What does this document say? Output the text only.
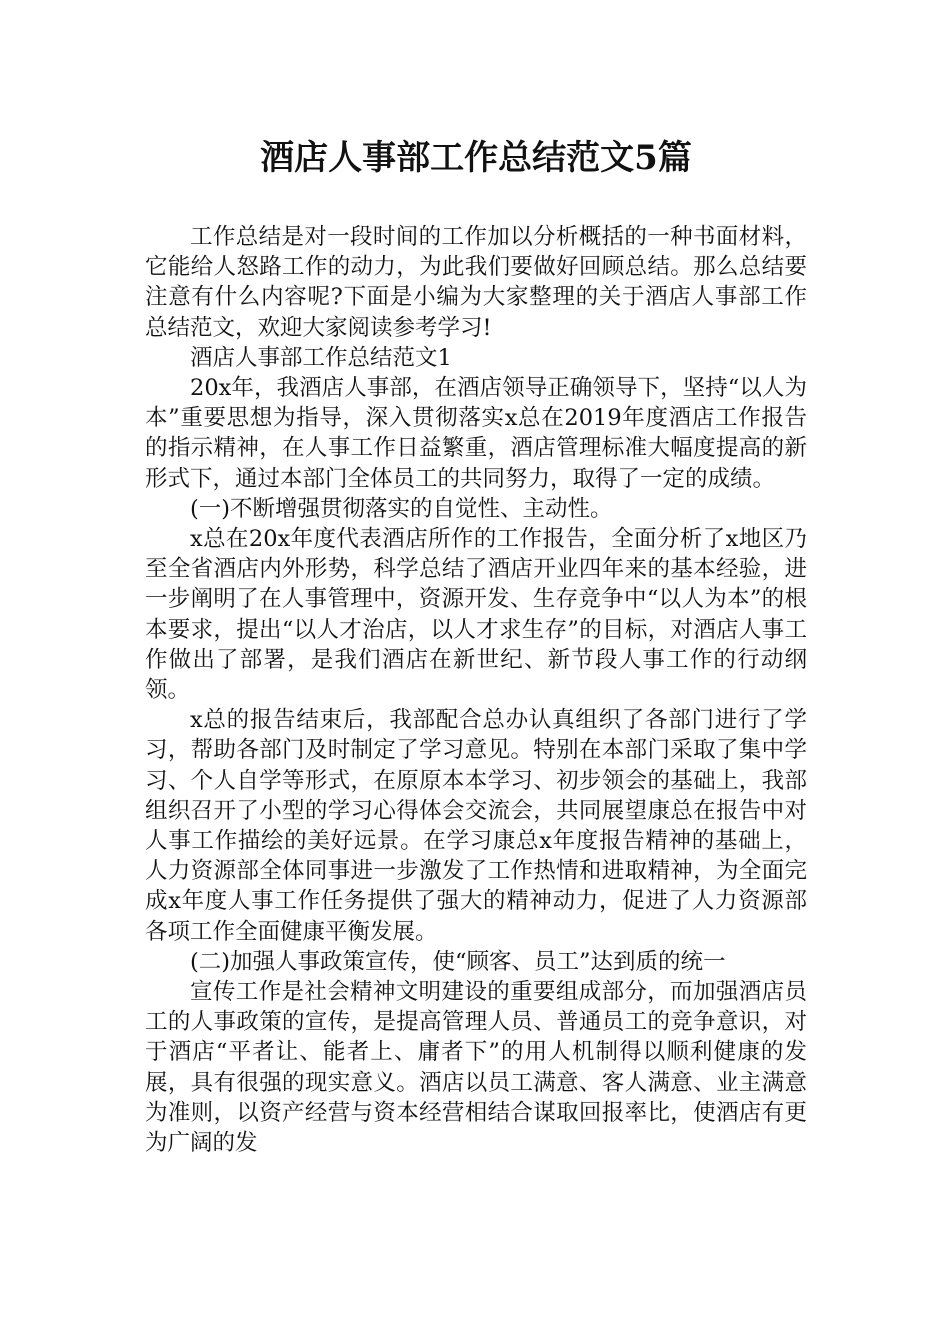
酒店人事部工作总结范文5篇

工作总结是对一段时间的工作加以分析概括的一种书面材料，它能给人怒路工作的动力，为此我们要做好回顾总结。那么总结要注意有什么内容呢?下面是小编为大家整理的关于酒店人事部工作总结范文，欢迎大家阅读参考学习!

酒店人事部工作总结范文1

20x年，我酒店人事部，在酒店领导正确领导下，坚持“以人为本”重要思想为指导，深入贯彻落实x总在2019年度酒店工作报告的指示精神，在人事工作日益繁重，酒店管理标准大幅度提高的新形式下，通过本部门全体员工的共同努力，取得了一定的成绩。

(一)不断增强贯彻落实的自觉性、主动性。

x总在20x年度代表酒店所作的工作报告，全面分析了x地区乃至全省酒店内外形势，科学总结了酒店开业四年来的基本经验，进一步阐明了在人事管理中，资源开发、生存竞争中“以人为本”的根本要求，提出“以人才治店，以人才求生存”的目标，对酒店人事工作做出了部署，是我们酒店在新世纪、新节段人事工作的行动纲领。

x总的报告结束后，我部配合总办认真组织了各部门进行了学习，帮助各部门及时制定了学习意见。特别在本部门采取了集中学习、个人自学等形式，在原原本本学习、初步领会的基础上，我部组织召开了小型的学习心得体会交流会，共同展望康总在报告中对人事工作描绘的美好远景。在学习康总x年度报告精神的基础上，人力资源部全体同事进一步激发了工作热情和进取精神，为全面完成x年度人事工作任务提供了强大的精神动力，促进了人力资源部各项工作全面健康平衡发展。

(二)加强人事政策宣传，使“顾客、员工”达到质的统一

宣传工作是社会精神文明建设的重要组成部分，而加强酒店员工的人事政策的宣传，是提高管理人员、普通员工的竞争意识，对于酒店“平者让、能者上、庸者下”的用人机制得以顺利健康的发展，具有很强的现实意义。酒店以员工满意、客人满意、业主满意为准则，以资产经营与资本经营相结合谋取回报率比，使酒店有更为广阔的发
